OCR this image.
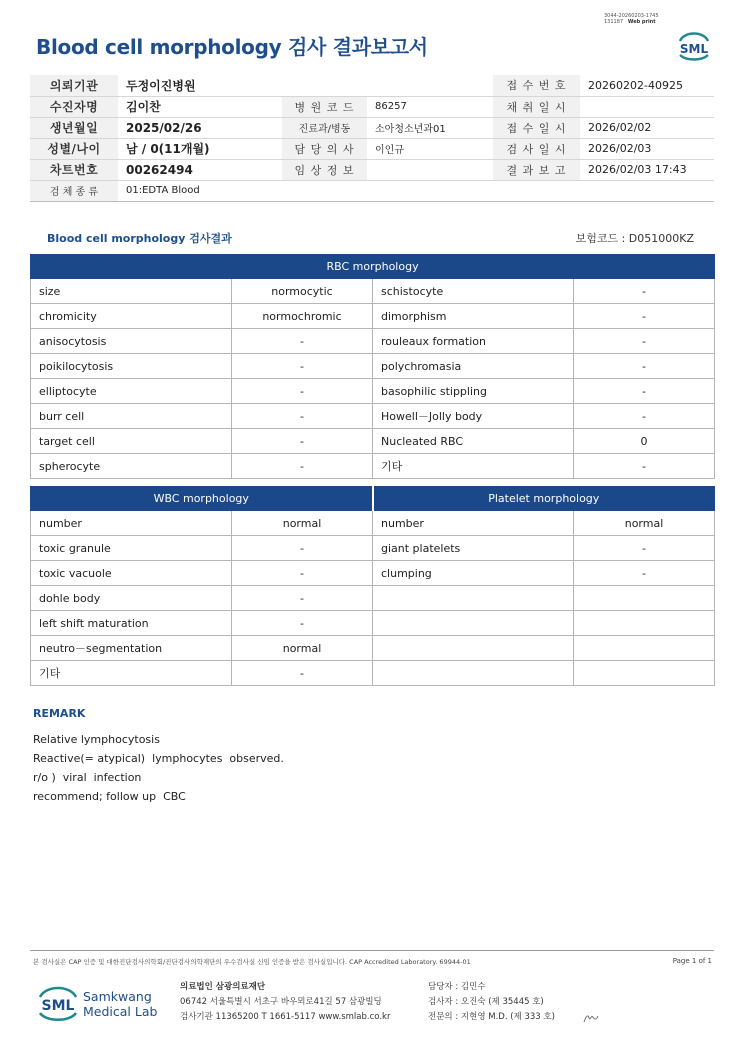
3044-20260203-1745
131187 Web print
Blood cell morphology 검사 결과보고서	SML
의뢰기관	두정이진병원			접 수 번 호	20260202-40925
수진자명	김이찬	병 원 코 드	86257	채 취 일 시	
생년월일	2025/02/26	진료과/병동	소아청소년과01	접 수 일 시	2026/02/02
성별/나이	남 / 0(11개월)	담 당 의 사	이인규	검 사 일 시	2026/02/03
차트번호	00262494	임 상 정 보		결 과 보 고	2026/02/03 17:43
검 체 종 류	01:EDTA Blood				
Blood cell morphology 검사결과	보험코드 : D051000KZ
RBC morphology			
size	normocytic	schistocyte	-
chromicity	normochromic	dimorphism	-
anisocytosis	-	rouleaux formation	-
poikilocytosis	-	polychromasia	-
elliptocyte	-	basophilic stippling	-
burr cell	-	Howell－Jolly body	-
target cell	-	Nucleated RBC	0
spherocyte	-	기타	-
WBC morphology		Platelet morphology	
number	normal	number	normal
toxic granule	-	giant platelets	-
toxic vacuole	-	clumping	-
dohle body	-		
left shift maturation	-		
neutro－segmentation	normal		
기타	-		
REMARK
Relative lymphocytosis
Reactive(= atypical)  lymphocytes  observed.
r/o )  viral  infection
recommend; follow up  CBC
본 검사실은 CAP 인증 및 대한진단검사의학회/진단검사의학재단의 우수검사실 신임 인증을 받은 검사실입니다. CAP Accredited Laboratory. 69944-01	Page 1 of 1
SML
Samkwang
Medical Lab
의료법인 삼광의료재단
06742 서울특별시 서초구 바우뫼로41길 57 삼광빌딩
검사기관 11365200 T 1661-5117 www.smlab.co.kr
담당자 : 김민수
검사자 : 오진숙 (제 35445 호)
전문의 : 지현영 M.D. (제 333 호)
